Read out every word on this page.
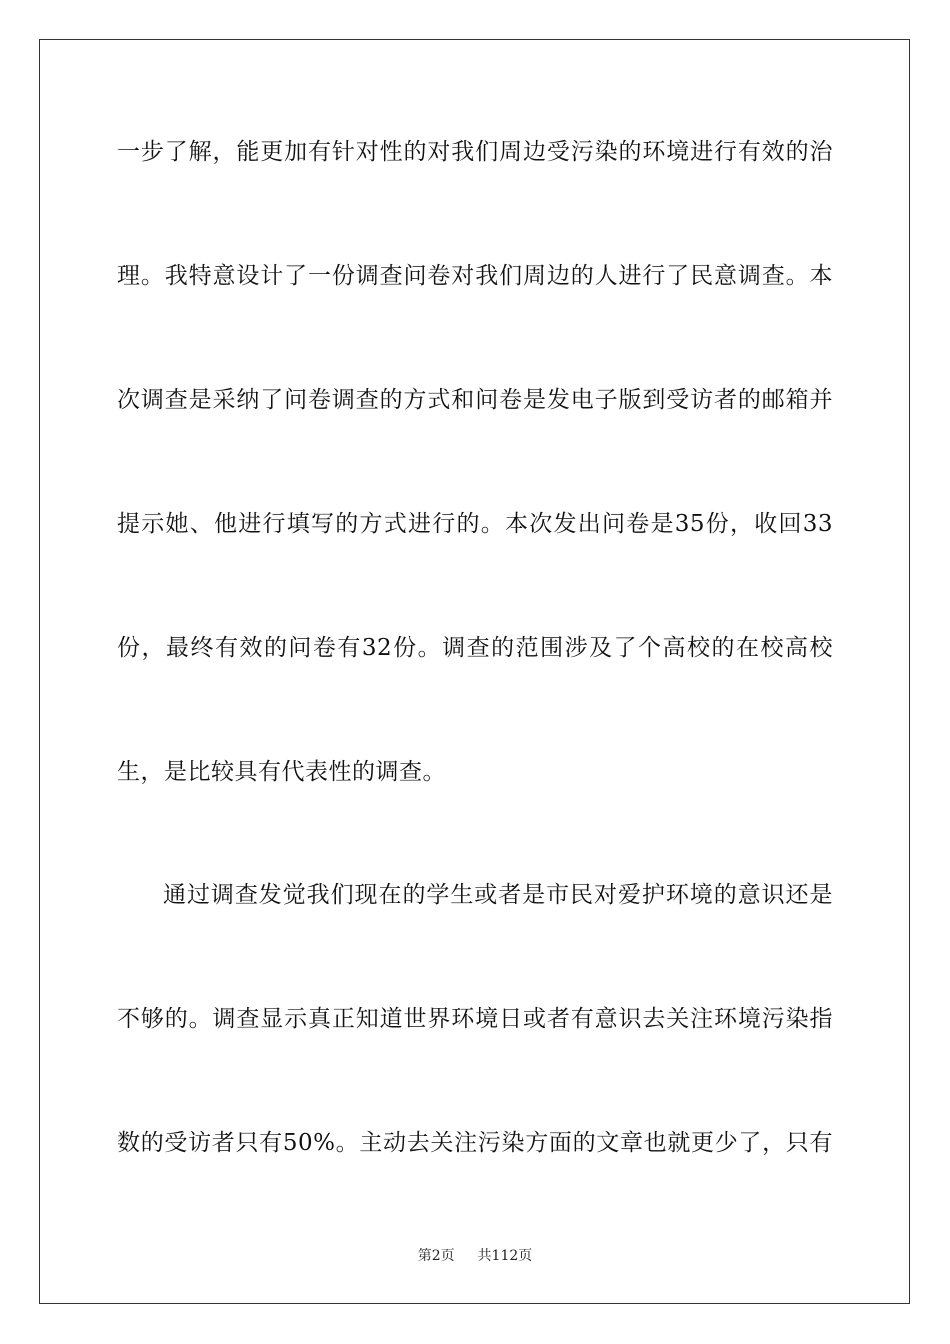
一步了解，能更加有针对性的对我们周边受污染的环境进行有效的治
理。我特意设计了一份调查问卷对我们周边的人进行了民意调查。本
次调查是采纳了问卷调查的方式和问卷是发电子版到受访者的邮箱并
提示她、他进行填写的方式进行的。本次发出问卷是35份，收回33
份，最终有效的问卷有32份。调查的范围涉及了个高校的在校高校
生，是比较具有代表性的调查。
通过调查发觉我们现在的学生或者是市民对爱护环境的意识还是
不够的。调查显示真正知道世界环境日或者有意识去关注环境污染指
数的受访者只有50%。主动去关注污染方面的文章也就更少了，只有
第2页 共112页
